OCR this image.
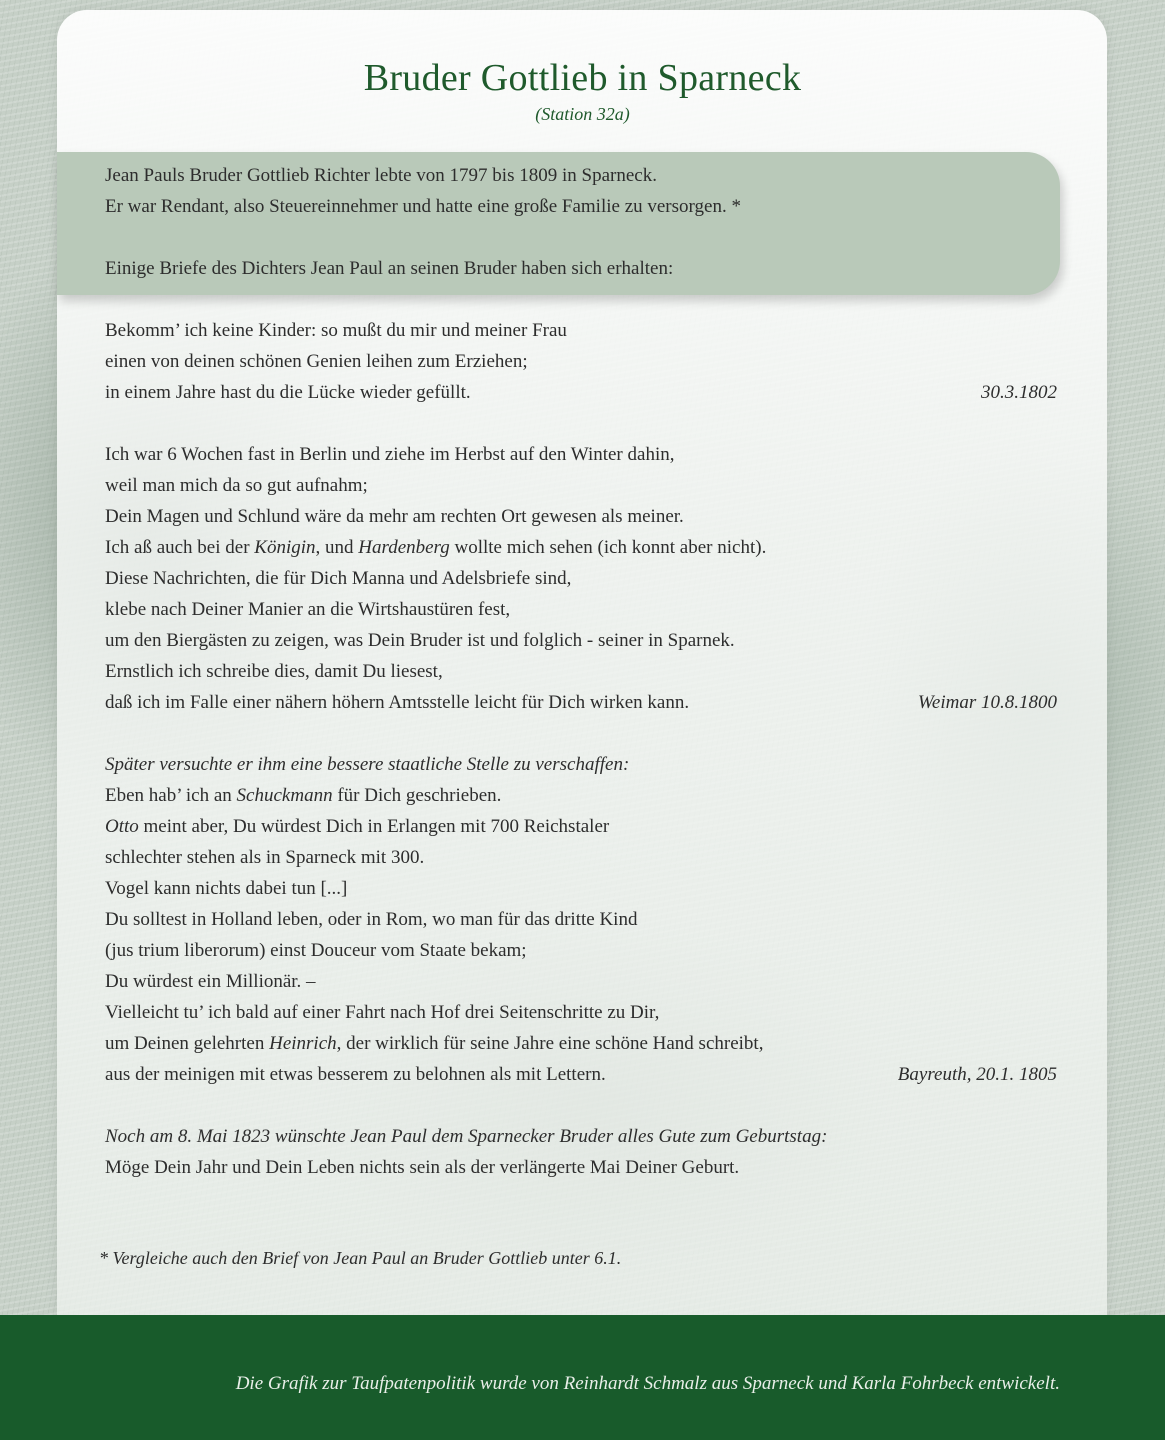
Bruder Gottlieb in Sparneck
(Station 32a)
Jean Pauls Bruder Gottlieb Richter lebte von 1797 bis 1809 in Sparneck.
Er war Rendant, also Steuereinnehmer und hatte eine große Familie zu versorgen. *
Einige Briefe des Dichters Jean Paul an seinen Bruder haben sich erhalten:
Bekomm’ ich keine Kinder: so mußt du mir und meiner Frau
einen von deinen schönen Genien leihen zum Erziehen;
in einem Jahre hast du die Lücke wieder gefüllt.	30.3.1802
Ich war 6 Wochen fast in Berlin und ziehe im Herbst auf den Winter dahin,
weil man mich da so gut aufnahm;
Dein Magen und Schlund wäre da mehr am rechten Ort gewesen als meiner.
Ich aß auch bei der Königin, und Hardenberg wollte mich sehen (ich konnt aber nicht).
Diese Nachrichten, die für Dich Manna und Adelsbriefe sind,
klebe nach Deiner Manier an die Wirtshaustüren fest,
um den Biergästen zu zeigen, was Dein Bruder ist und folglich - seiner in Sparnek.
Ernstlich ich schreibe dies, damit Du liesest,
daß ich im Falle einer nähern höhern Amtsstelle leicht für Dich wirken kann.	Weimar 10.8.1800
Später versuchte er ihm eine bessere staatliche Stelle zu verschaffen:
Eben hab’ ich an Schuckmann für Dich geschrieben.
Otto meint aber, Du würdest Dich in Erlangen mit 700 Reichstaler
schlechter stehen als in Sparneck mit 300.
Vogel kann nichts dabei tun [...]
Du solltest in Holland leben, oder in Rom, wo man für das dritte Kind
(jus trium liberorum) einst Douceur vom Staate bekam;
Du würdest ein Millionär. –
Vielleicht tu’ ich bald auf einer Fahrt nach Hof drei Seitenschritte zu Dir,
um Deinen gelehrten Heinrich, der wirklich für seine Jahre eine schöne Hand schreibt,
aus der meinigen mit etwas besserem zu belohnen als mit Lettern.	Bayreuth, 20.1. 1805
Noch am 8. Mai 1823 wünschte Jean Paul dem Sparnecker Bruder alles Gute zum Geburtstag:
Möge Dein Jahr und Dein Leben nichts sein als der verlängerte Mai Deiner Geburt.
* Vergleiche auch den Brief von Jean Paul an Bruder Gottlieb unter 6.1.
Die Grafik zur Taufpatenpolitik wurde von Reinhardt Schmalz aus Sparneck und Karla Fohrbeck entwickelt.
